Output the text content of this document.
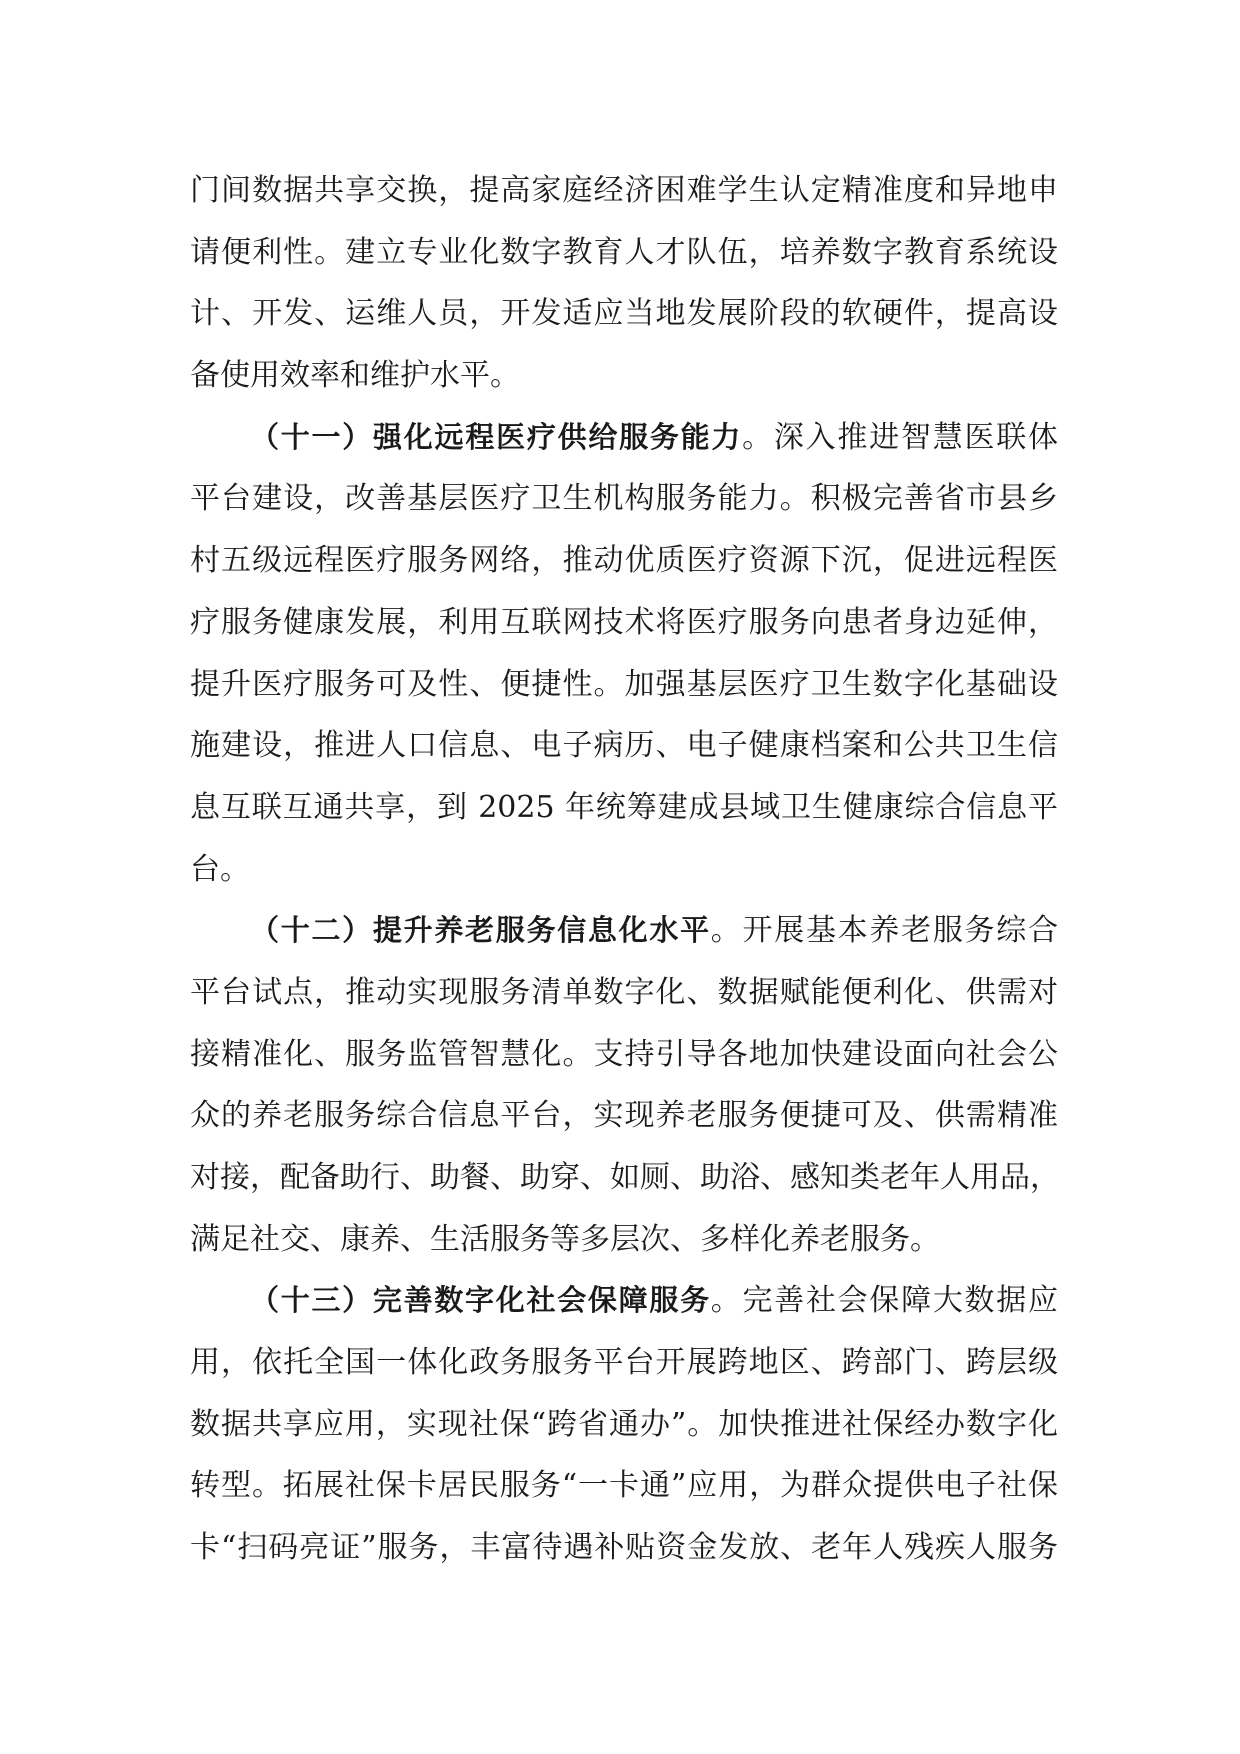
门间数据共享交换，提高家庭经济困难学生认定精准度和异地申
请便利性。建立专业化数字教育人才队伍，培养数字教育系统设
计、开发、运维人员，开发适应当地发展阶段的软硬件，提高设
备使用效率和维护水平。
（十一）强化远程医疗供给服务能力。深入推进智慧医联体
平台建设，改善基层医疗卫生机构服务能力。积极完善省市县乡
村五级远程医疗服务网络，推动优质医疗资源下沉，促进远程医
疗服务健康发展，利用互联网技术将医疗服务向患者身边延伸，
提升医疗服务可及性、便捷性。加强基层医疗卫生数字化基础设
施建设，推进人口信息、电子病历、电子健康档案和公共卫生信
息互联互通共享，到 2025 年统筹建成县域卫生健康综合信息平
台。
（十二）提升养老服务信息化水平。开展基本养老服务综合
平台试点，推动实现服务清单数字化、数据赋能便利化、供需对
接精准化、服务监管智慧化。支持引导各地加快建设面向社会公
众的养老服务综合信息平台，实现养老服务便捷可及、供需精准
对接，配备助行、助餐、助穿、如厕、助浴、感知类老年人用品，
满足社交、康养、生活服务等多层次、多样化养老服务。
（十三）完善数字化社会保障服务。完善社会保障大数据应
用，依托全国一体化政务服务平台开展跨地区、跨部门、跨层级
数据共享应用，实现社保“跨省通办”。加快推进社保经办数字化
转型。拓展社保卡居民服务“一卡通”应用，为群众提供电子社保
卡“扫码亮证”服务，丰富待遇补贴资金发放、老年人残疾人服务
